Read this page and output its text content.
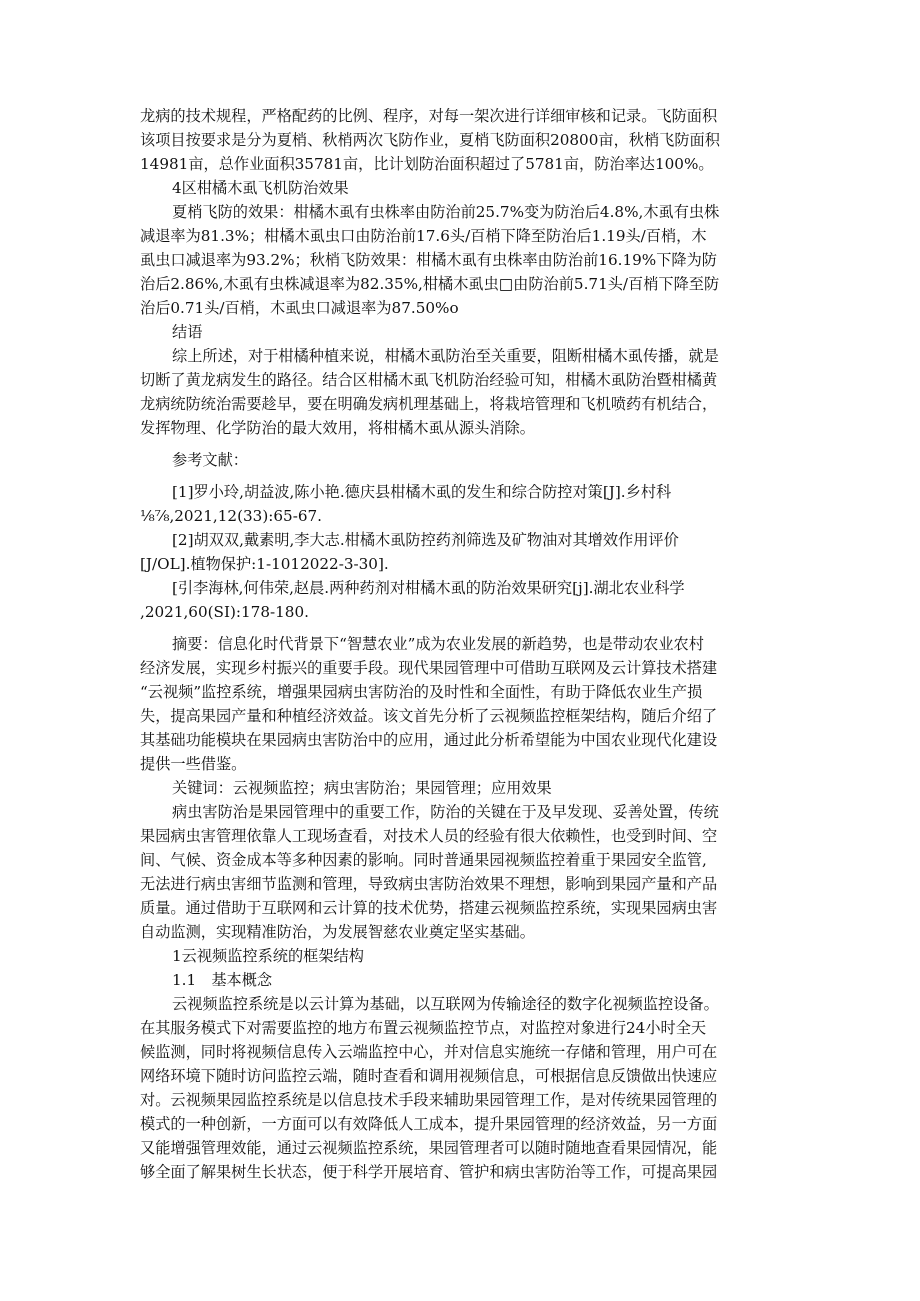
龙病的技术规程，严格配药的比例、程序，对每一架次进行详细审核和记录。飞防面积
该项目按要求是分为夏梢、秋梢两次飞防作业，夏梢飞防面积20800亩，秋梢飞防面积
14981亩，总作业面积35781亩，比计划防治面积超过了5781亩，防治率达100%。
4区柑橘木虱飞机防治效果
夏梢飞防的效果：柑橘木虱有虫株率由防治前25.7%变为防治后4.8%,木虱有虫株
减退率为81.3%；柑橘木虱虫口由防治前17.6头/百梢下降至防治后1.19头/百梢，木
虱虫口减退率为93.2%；秋梢飞防效果：柑橘木虱有虫株率由防治前16.19%下降为防
治后2.86%,木虱有虫株减退率为82.35%,柑橘木虱虫□由防治前5.71头/百梢下降至防
治后0.71头/百梢，木虱虫口减退率为87.50%o
结语
综上所述，对于柑橘种植来说，柑橘木虱防治至关重要，阻断柑橘木虱传播，就是
切断了黄龙病发生的路径。结合区柑橘木虱飞机防治经验可知，柑橘木虱防治暨柑橘黄
龙病统防统治需要趁早，要在明确发病机理基础上，将栽培管理和飞机喷药有机结合，
发挥物理、化学防治的最大效用，将柑橘木虱从源头消除。
参考文献：
[1]罗小玲,胡益波,陈小艳.德庆县柑橘木虱的发生和综合防控对策[J].乡村科
⅛⅞,2021,12(33):65-67.
[2]胡双双,戴素明,李大志.柑橘木虱防控药剂筛选及矿物油对其增效作用评价
[J/OL].植物保护:1-1012022-3-30].
[引李海林,何伟荣,赵晨.两种药剂对柑橘木虱的防治效果研究[j].湖北农业科学
,2021,60(SI):178-180.
摘要：信息化时代背景下“智慧农业”成为农业发展的新趋势，也是带动农业农村
经济发展，实现乡村振兴的重要手段。现代果园管理中可借助互联网及云计算技术搭建
“云视频”监控系统，增强果园病虫害防治的及时性和全面性，有助于降低农业生产损
失，提高果园产量和种植经济效益。该文首先分析了云视频监控框架结构，随后介绍了
其基础功能模块在果园病虫害防治中的应用，通过此分析希望能为中国农业现代化建设
提供一些借鉴。
关键词：云视频监控；病虫害防治；果园管理；应用效果
病虫害防治是果园管理中的重要工作，防治的关键在于及早发现、妥善处置，传统
果园病虫害管理依靠人工现场查看，对技术人员的经验有很大依赖性，也受到时间、空
间、气候、资金成本等多种因素的影响。同时普通果园视频监控着重于果园安全监管,
无法进行病虫害细节监测和管理，导致病虫害防治效果不理想，影响到果园产量和产品
质量。通过借助于互联网和云计算的技术优势，搭建云视频监控系统，实现果园病虫害
自动监测，实现精准防治，为发展智慈农业奠定坚实基础。
1云视频监控系统的框架结构
1.1　基本概念
云视频监控系统是以云计算为基础，以互联网为传输途径的数字化视频监控设备。
在其服务模式下对需要监控的地方布置云视频监控节点，对监控对象进行24小时全天
候监测，同时将视频信息传入云端监控中心，并对信息实施统一存储和管理，用户可在
网络环境下随时访问监控云端，随时查看和调用视频信息，可根据信息反馈做出快速应
对。云视频果园监控系统是以信息技术手段来辅助果园管理工作，是对传统果园管理的
模式的一种创新，一方面可以有效降低人工成本，提升果园管理的经济效益，另一方面
又能增强管理效能，通过云视频监控系统，果园管理者可以随时随地查看果园情况，能
够全面了解果树生长状态，便于科学开展培育、管护和病虫害防治等工作，可提高果园
